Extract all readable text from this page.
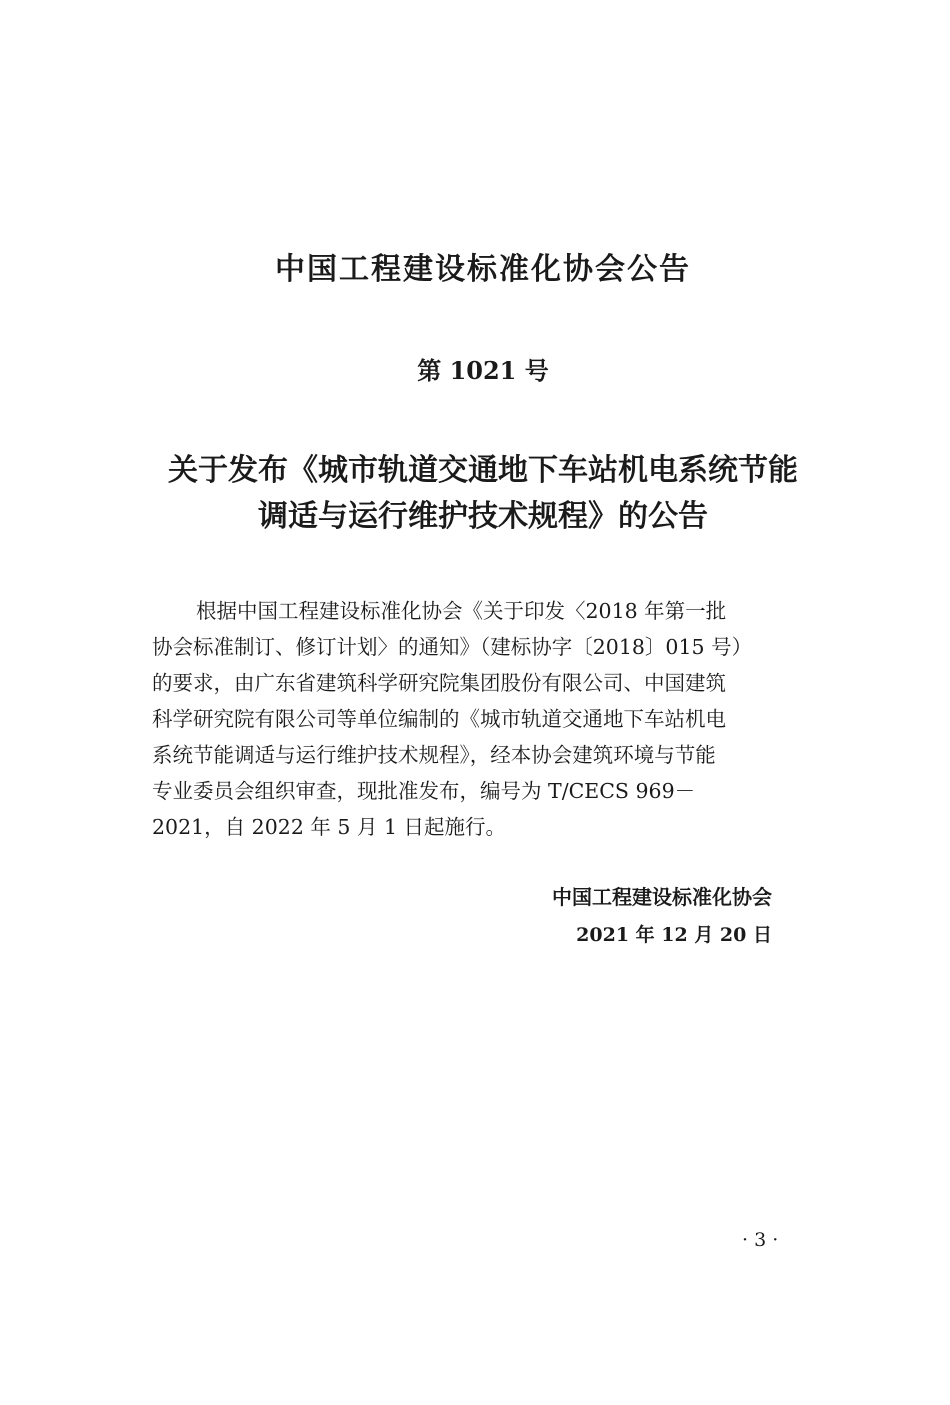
中国工程建设标准化协会公告
第 1021 号
关于发布《城市轨道交通地下车站机电系统节能
调适与运行维护技术规程》的公告

根据中国工程建设标准化协会《关于印发〈2018 年第一批
协会标准制订、修订计划〉的通知》（建标协字〔2018〕015 号）
的要求，由广东省建筑科学研究院集团股份有限公司、中国建筑
科学研究院有限公司等单位编制的《城市轨道交通地下车站机电
系统节能调适与运行维护技术规程》，经本协会建筑环境与节能
专业委员会组织审查，现批准发布，编号为 T/CECS 969－
2021，自 2022 年 5 月 1 日起施行。

中国工程建设标准化协会
2021 年 12 月 20 日
· 3 ·
